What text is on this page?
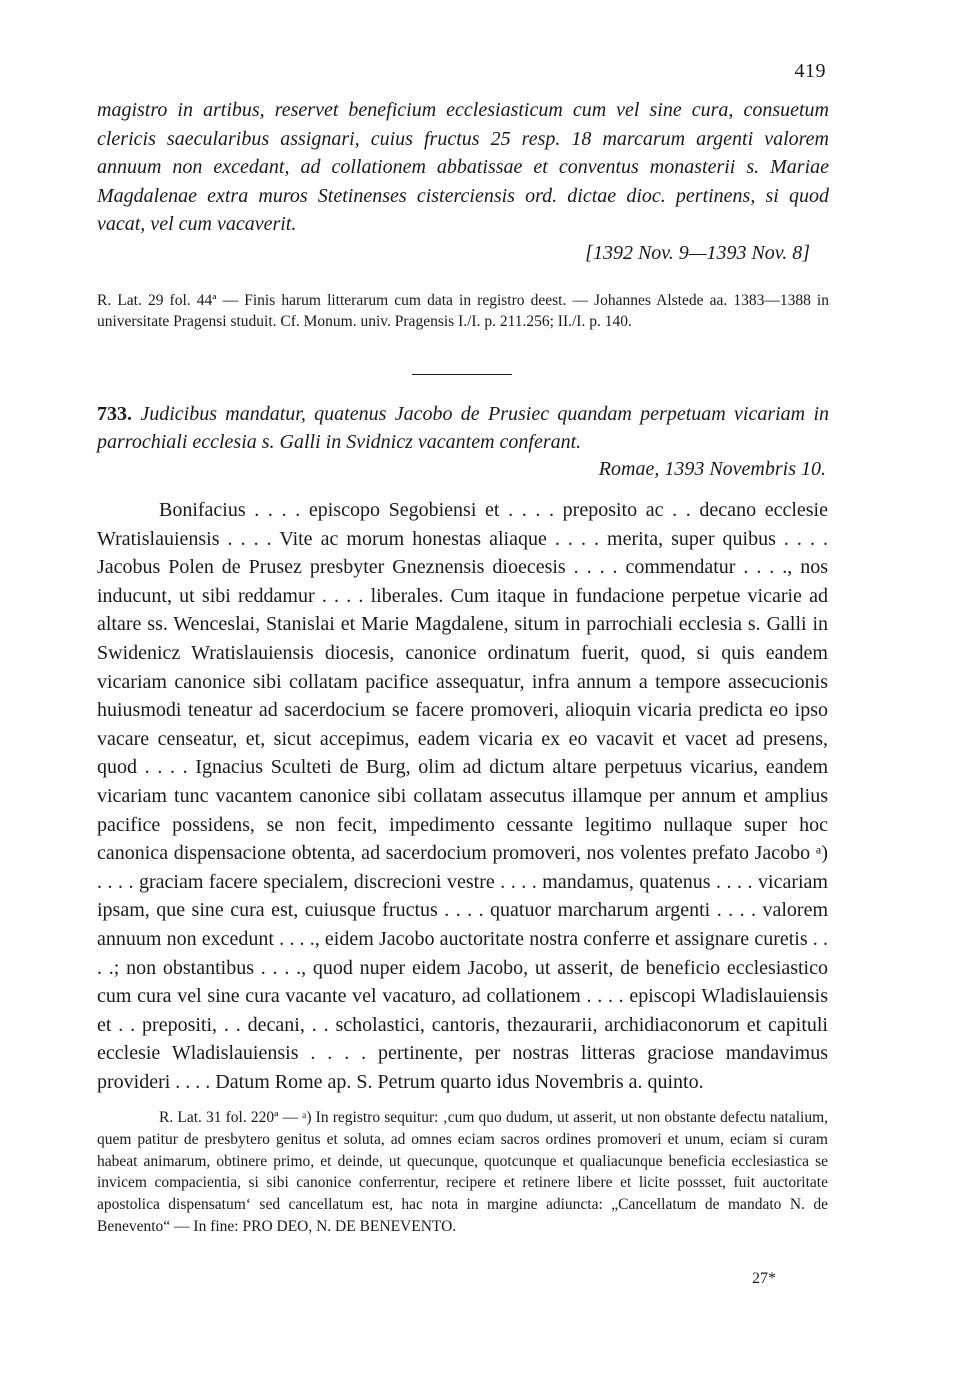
419
magistro in artibus, reservet beneficium ecclesiasticum cum vel sine cura, consuetum clericis saecularibus assignari, cuius fructus 25 resp. 18 marcarum argenti valorem annuum non excedant, ad collationem abbatissae et conventus monasterii s. Mariae Magdalenae extra muros Stetinenses cisterciensis ord. dictae dioc. pertinens, si quod vacat, vel cum vacaverit.
[1392 Nov. 9—1393 Nov. 8]
R. Lat. 29 fol. 44ª — Finis harum litterarum cum data in registro deest. — Johannes Alstede aa. 1383—1388 in universitate Pragensi studuit. Cf. Monum. univ. Pragensis I./I. p. 211.256; II./I. p. 140.
733. Judicibus mandatur, quatenus Jacobo de Prusiec quandam perpetuam vicariam in parrochiali ecclesia s. Galli in Svidnicz vacantem conferant.
Romae, 1393 Novembris 10.

Bonifacius . . . . episcopo Segobiensi et . . . . preposito ac . . decano ecclesie Wratislauiensis . . . . Vite ac morum honestas aliaque . . . . merita, super quibus . . . . Jacobus Polen de Prusez presbyter Gneznensis dioecesis . . . . commendatur . . . ., nos inducunt, ut sibi reddamur . . . . liberales. Cum itaque in fundacione perpetue vicarie ad altare ss. Wenceslai, Stanislai et Marie Magdalene, situm in parrochiali ecclesia s. Galli in Swidenicz Wratislauiensis diocesis, canonice ordinatum fuerit, quod, si quis eandem vicariam canonice sibi collatam pacifice assequatur, infra annum a tempore assecucionis huiusmodi teneatur ad sacerdocium se facere promoveri, alioquin vicaria predicta eo ipso vacare censeatur, et, sicut accepimus, eadem vicaria ex eo vacavit et vacet ad presens, quod . . . . Ignacius Sculteti de Burg, olim ad dictum altare perpetuus vicarius, eandem vicariam tunc vacantem canonice sibi collatam assecutus illamque per annum et amplius pacifice possidens, se non fecit, impedimento cessante legitimo nullaque super hoc canonica dispensacione obtenta, ad sacerdocium promoveri, nos volentes prefato Jacobo ᵃ) . . . . graciam facere specialem, discrecioni vestre . . . . mandamus, quatenus . . . . vicariam ipsam, que sine cura est, cuiusque fructus . . . . quatuor marcharum argenti . . . . valorem annuum non excedunt . . . ., eidem Jacobo auctoritate nostra conferre et assignare curetis . . . .; non obstantibus . . . ., quod nuper eidem Jacobo, ut asserit, de beneficio ecclesiastico cum cura vel sine cura vacante vel vacaturo, ad collationem . . . . episcopi Wladislauiensis et . . prepositi, . . decani, . . scholastici, cantoris, thezaurarii, archidiaconorum et capituli ecclesie Wladislauiensis . . . . pertinente, per nostras litteras graciose mandavimus provideri . . . . Datum Rome ap. S. Petrum quarto idus Novembris a. quinto.

R. Lat. 31 fol. 220ª — ᵃ) In registro sequitur: ‚cum quo dudum, ut asserit, ut non obstante defectu natalium, quem patitur de presbytero genitus et soluta, ad omnes eciam sacros ordines promoveri et unum, eciam si curam habeat animarum, obtinere primo, et deinde, ut quecunque, quotcunque et qualiacunque beneficia ecclesiastica se invicem compacientia, si sibi canonice conferrentur, recipere et retinere libere et licite possset, fuit auctoritate apostolica dispensatum‘ sed cancellatum est, hac nota in margine adiuncta: „Cancellatum de mandato N. de Benevento“ — In fine: PRO DEO, N. DE BENEVENTO.

27*
